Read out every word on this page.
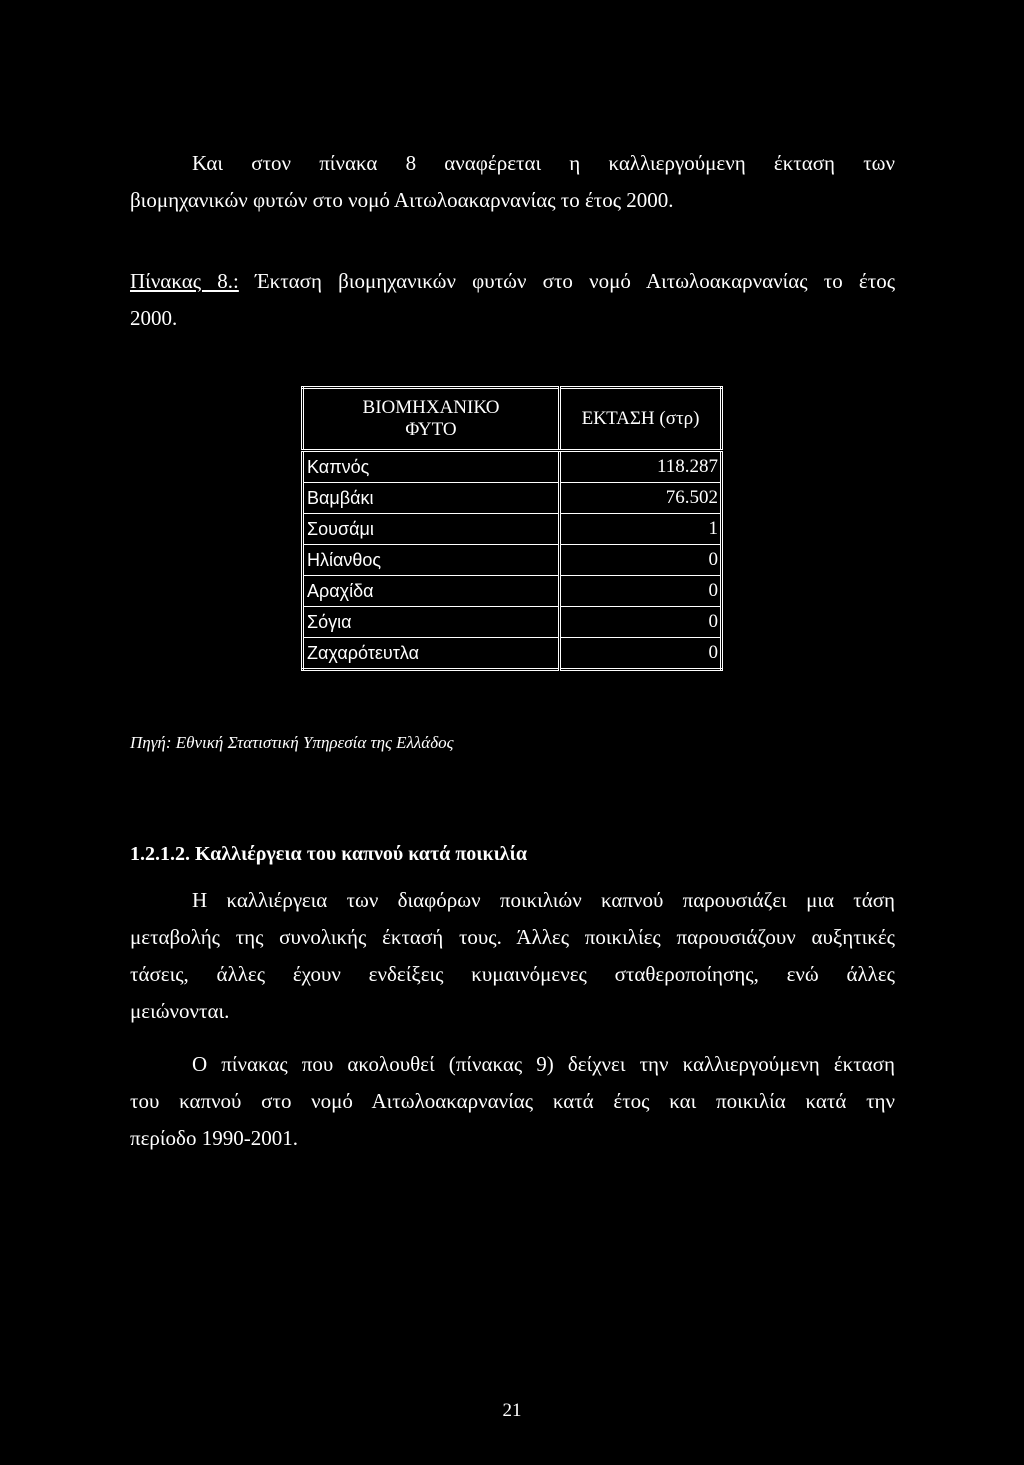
Και στον πίνακα 8 αναφέρεται η καλλιεργούμενη έκταση των
βιομηχανικών φυτών στο νομό Αιτωλοακαρνανίας το έτος 2000.
Πίνακας 8.: Έκταση βιομηχανικών φυτών στο νομό Αιτωλοακαρνανίας το έτος
2000.
ΒΙΟΜΗΧΑΝΙΚΟ
ΦΥΤΟ	ΕΚΤΑΣΗ (στρ)
Καπνός	118.287
Βαμβάκι	76.502
Σουσάμι	1
Ηλίανθος	0
Αραχίδα	0
Σόγια	0
Ζαχαρότευτλα	0
Πηγή: Εθνική Στατιστική Υπηρεσία της Ελλάδος
1.2.1.2. Καλλιέργεια του καπνού κατά ποικιλία
Η καλλιέργεια των διαφόρων ποικιλιών καπνού παρουσιάζει μια τάση
μεταβολής της συνολικής έκτασή τους. Άλλες ποικιλίες παρουσιάζουν αυξητικές
τάσεις, άλλες έχουν ενδείξεις κυμαινόμενες σταθεροποίησης, ενώ άλλες
μειώνονται.
Ο πίνακας που ακολουθεί (πίνακας 9) δείχνει την καλλιεργούμενη έκταση
του καπνού στο νομό Αιτωλοακαρνανίας κατά έτος και ποικιλία κατά την
περίοδο 1990-2001.
21
